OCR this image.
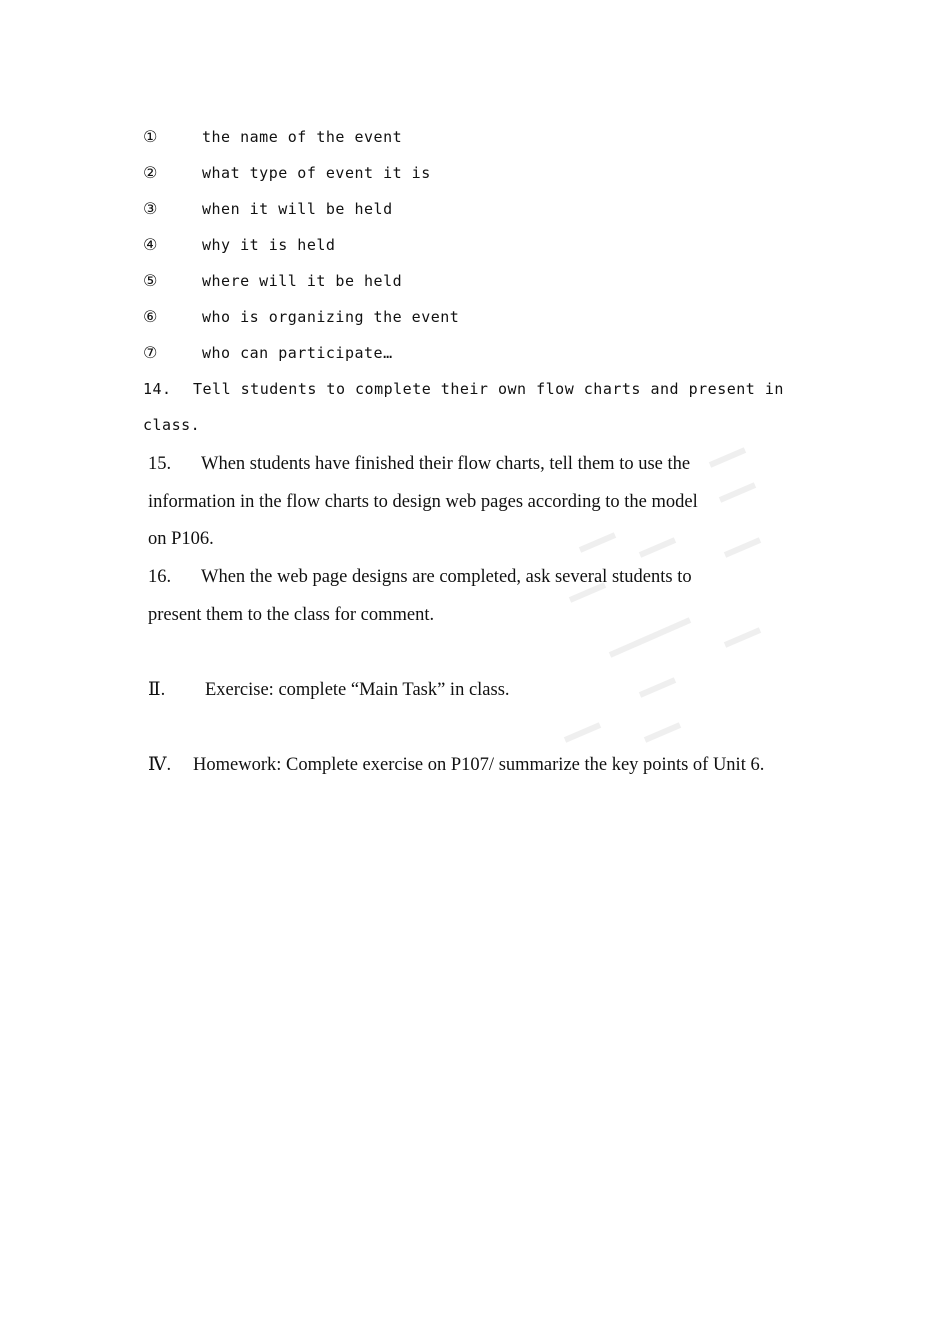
①	the name of the event
②	what type of event it is
③	when it will be held
④	why it is held
⑤	where will it be held
⑥	who is organizing the event
⑦	who can participate…
14. Tell students to complete their own flow charts and present in
class.
15. When students have finished their flow charts, tell them to use the
information in the flow charts to design web pages according to the model
on P106.
16. When the web page designs are completed, ask several students to
present them to the class for comment.
Ⅱ. Exercise: complete “Main Task” in class.
Ⅳ. Homework: Complete exercise on P107/ summarize the key points of Unit 6.
